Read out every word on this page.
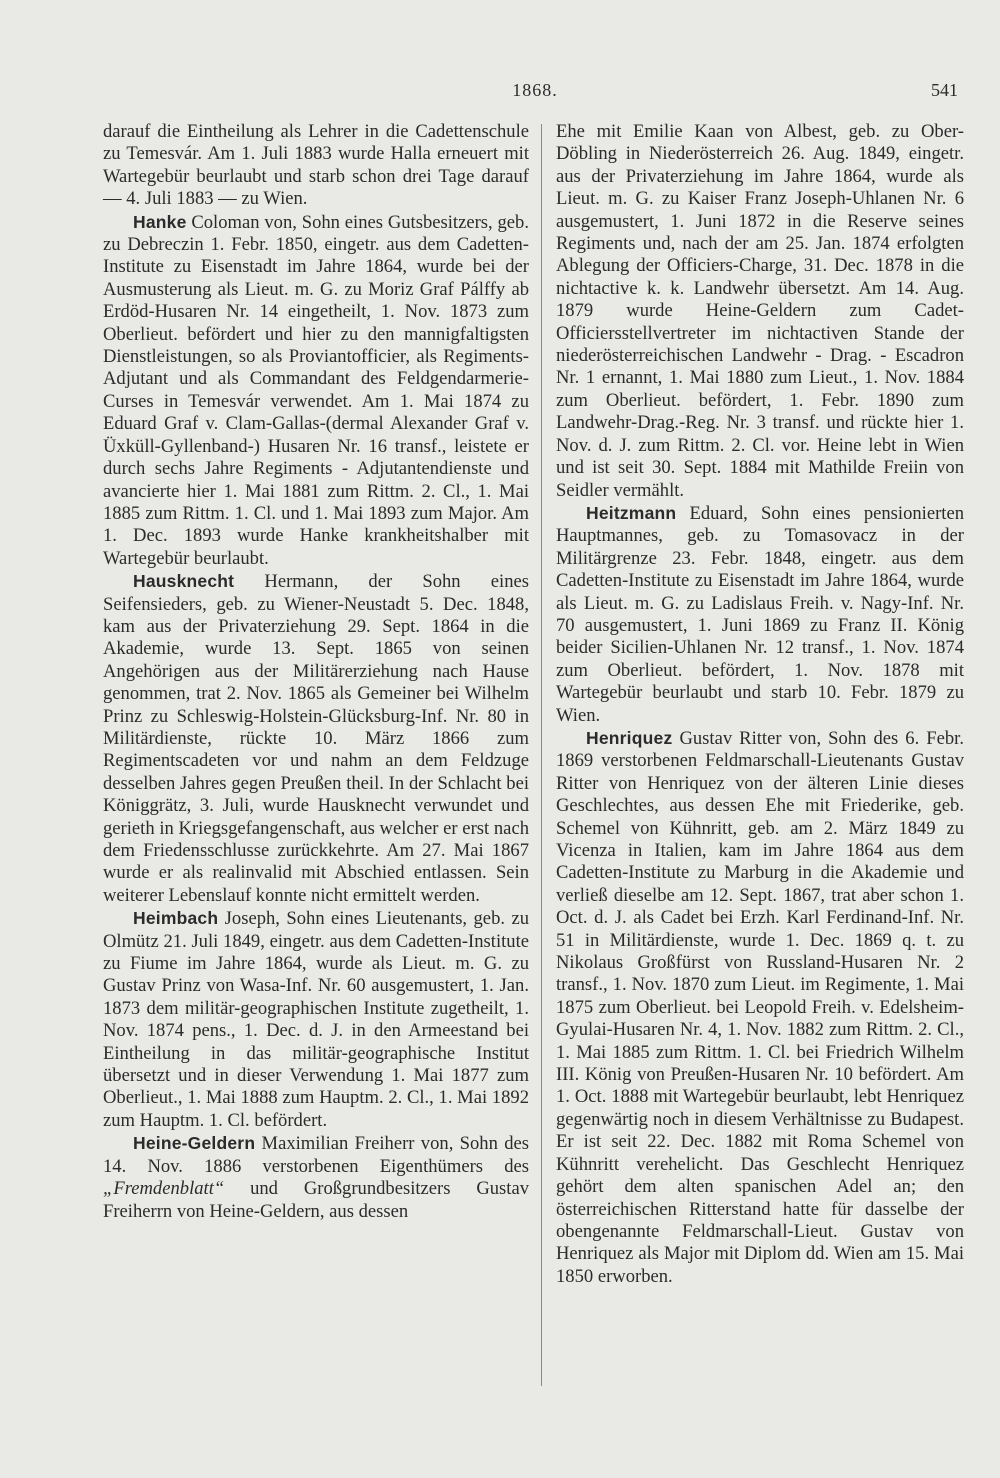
1868.	541

darauf die Eintheilung als Lehrer in die Cadettenschule zu Temesvár. Am 1. Juli 1883 wurde Halla erneuert mit Wartegebür beurlaubt und starb schon drei Tage darauf — 4. Juli 1883 — zu Wien.

Hanke Coloman von, Sohn eines Gutsbesitzers, geb. zu Debreczin 1. Febr. 1850, eingetr. aus dem Cadetten-Institute zu Eisenstadt im Jahre 1864, wurde bei der Ausmusterung als Lieut. m. G. zu Moriz Graf Pálffy ab Erdöd-Husaren Nr. 14 eingetheilt, 1. Nov. 1873 zum Oberlieut. befördert und hier zu den mannigfaltigsten Dienstleistungen, so als Proviantofficier, als Regiments-Adjutant und als Commandant des Feldgendarmerie-Curses in Temesvár verwendet. Am 1. Mai 1874 zu Eduard Graf v. Clam-Gallas-(dermal Alexander Graf v. Üxküll-Gyllenband-) Husaren Nr. 16 transf., leistete er durch sechs Jahre Regiments - Adjutantendienste und avancierte hier 1. Mai 1881 zum Rittm. 2. Cl., 1. Mai 1885 zum Rittm. 1. Cl. und 1. Mai 1893 zum Major. Am 1. Dec. 1893 wurde Hanke krankheitshalber mit Wartegebür beurlaubt.

Hausknecht Hermann, der Sohn eines Seifensieders, geb. zu Wiener-Neustadt 5. Dec. 1848, kam aus der Privaterziehung 29. Sept. 1864 in die Akademie, wurde 13. Sept. 1865 von seinen Angehörigen aus der Militärerziehung nach Hause genommen, trat 2. Nov. 1865 als Gemeiner bei Wilhelm Prinz zu Schleswig-Holstein-Glücksburg-Inf. Nr. 80 in Militärdienste, rückte 10. März 1866 zum Regimentscadeten vor und nahm an dem Feldzuge desselben Jahres gegen Preußen theil. In der Schlacht bei Königgrätz, 3. Juli, wurde Hausknecht verwundet und gerieth in Kriegsgefangenschaft, aus welcher er erst nach dem Friedensschlusse zurückkehrte. Am 27. Mai 1867 wurde er als realinvalid mit Abschied entlassen. Sein weiterer Lebenslauf konnte nicht ermittelt werden.

Heimbach Joseph, Sohn eines Lieutenants, geb. zu Olmütz 21. Juli 1849, eingetr. aus dem Cadetten-Institute zu Fiume im Jahre 1864, wurde als Lieut. m. G. zu Gustav Prinz von Wasa-Inf. Nr. 60 ausgemustert, 1. Jan. 1873 dem militär-geographischen Institute zugetheilt, 1. Nov. 1874 pens., 1. Dec. d. J. in den Armeestand bei Eintheilung in das militär-geographische Institut übersetzt und in dieser Verwendung 1. Mai 1877 zum Oberlieut., 1. Mai 1888 zum Hauptm. 2. Cl., 1. Mai 1892 zum Hauptm. 1. Cl. befördert.

Heine-Geldern Maximilian Freiherr von, Sohn des 14. Nov. 1886 verstorbenen Eigenthümers des „Fremdenblatt“ und Großgrundbesitzers Gustav Freiherrn von Heine-Geldern, aus dessen

Ehe mit Emilie Kaan von Albest, geb. zu Ober-Döbling in Niederösterreich 26. Aug. 1849, eingetr. aus der Privaterziehung im Jahre 1864, wurde als Lieut. m. G. zu Kaiser Franz Joseph-Uhlanen Nr. 6 ausgemustert, 1. Juni 1872 in die Reserve seines Regiments und, nach der am 25. Jan. 1874 erfolgten Ablegung der Officiers-Charge, 31. Dec. 1878 in die nichtactive k. k. Landwehr übersetzt. Am 14. Aug. 1879 wurde Heine-Geldern zum Cadet-Officiersstellvertreter im nichtactiven Stande der niederösterreichischen Landwehr - Drag. - Escadron Nr. 1 ernannt, 1. Mai 1880 zum Lieut., 1. Nov. 1884 zum Oberlieut. befördert, 1. Febr. 1890 zum Landwehr-Drag.-Reg. Nr. 3 transf. und rückte hier 1. Nov. d. J. zum Rittm. 2. Cl. vor. Heine lebt in Wien und ist seit 30. Sept. 1884 mit Mathilde Freiin von Seidler vermählt.

Heitzmann Eduard, Sohn eines pensionierten Hauptmannes, geb. zu Tomasovacz in der Militärgrenze 23. Febr. 1848, eingetr. aus dem Cadetten-Institute zu Eisenstadt im Jahre 1864, wurde als Lieut. m. G. zu Ladislaus Freih. v. Nagy-Inf. Nr. 70 ausgemustert, 1. Juni 1869 zu Franz II. König beider Sicilien-Uhlanen Nr. 12 transf., 1. Nov. 1874 zum Oberlieut. befördert, 1. Nov. 1878 mit Wartegebür beurlaubt und starb 10. Febr. 1879 zu Wien.

Henriquez Gustav Ritter von, Sohn des 6. Febr. 1869 verstorbenen Feldmarschall-Lieutenants Gustav Ritter von Henriquez von der älteren Linie dieses Geschlechtes, aus dessen Ehe mit Friederike, geb. Schemel von Kühnritt, geb. am 2. März 1849 zu Vicenza in Italien, kam im Jahre 1864 aus dem Cadetten-Institute zu Marburg in die Akademie und verließ dieselbe am 12. Sept. 1867, trat aber schon 1. Oct. d. J. als Cadet bei Erzh. Karl Ferdinand-Inf. Nr. 51 in Militärdienste, wurde 1. Dec. 1869 q. t. zu Nikolaus Großfürst von Russland-Husaren Nr. 2 transf., 1. Nov. 1870 zum Lieut. im Regimente, 1. Mai 1875 zum Oberlieut. bei Leopold Freih. v. Edelsheim-Gyulai-Husaren Nr. 4, 1. Nov. 1882 zum Rittm. 2. Cl., 1. Mai 1885 zum Rittm. 1. Cl. bei Friedrich Wilhelm III. König von Preußen-Husaren Nr. 10 befördert. Am 1. Oct. 1888 mit Wartegebür beurlaubt, lebt Henriquez gegenwärtig noch in diesem Verhältnisse zu Budapest. Er ist seit 22. Dec. 1882 mit Roma Schemel von Kühnritt verehelicht. Das Geschlecht Henriquez gehört dem alten spanischen Adel an; den österreichischen Ritterstand hatte für dasselbe der obengenannte Feldmarschall-Lieut. Gustav von Henriquez als Major mit Diplom dd. Wien am 15. Mai 1850 erworben.
